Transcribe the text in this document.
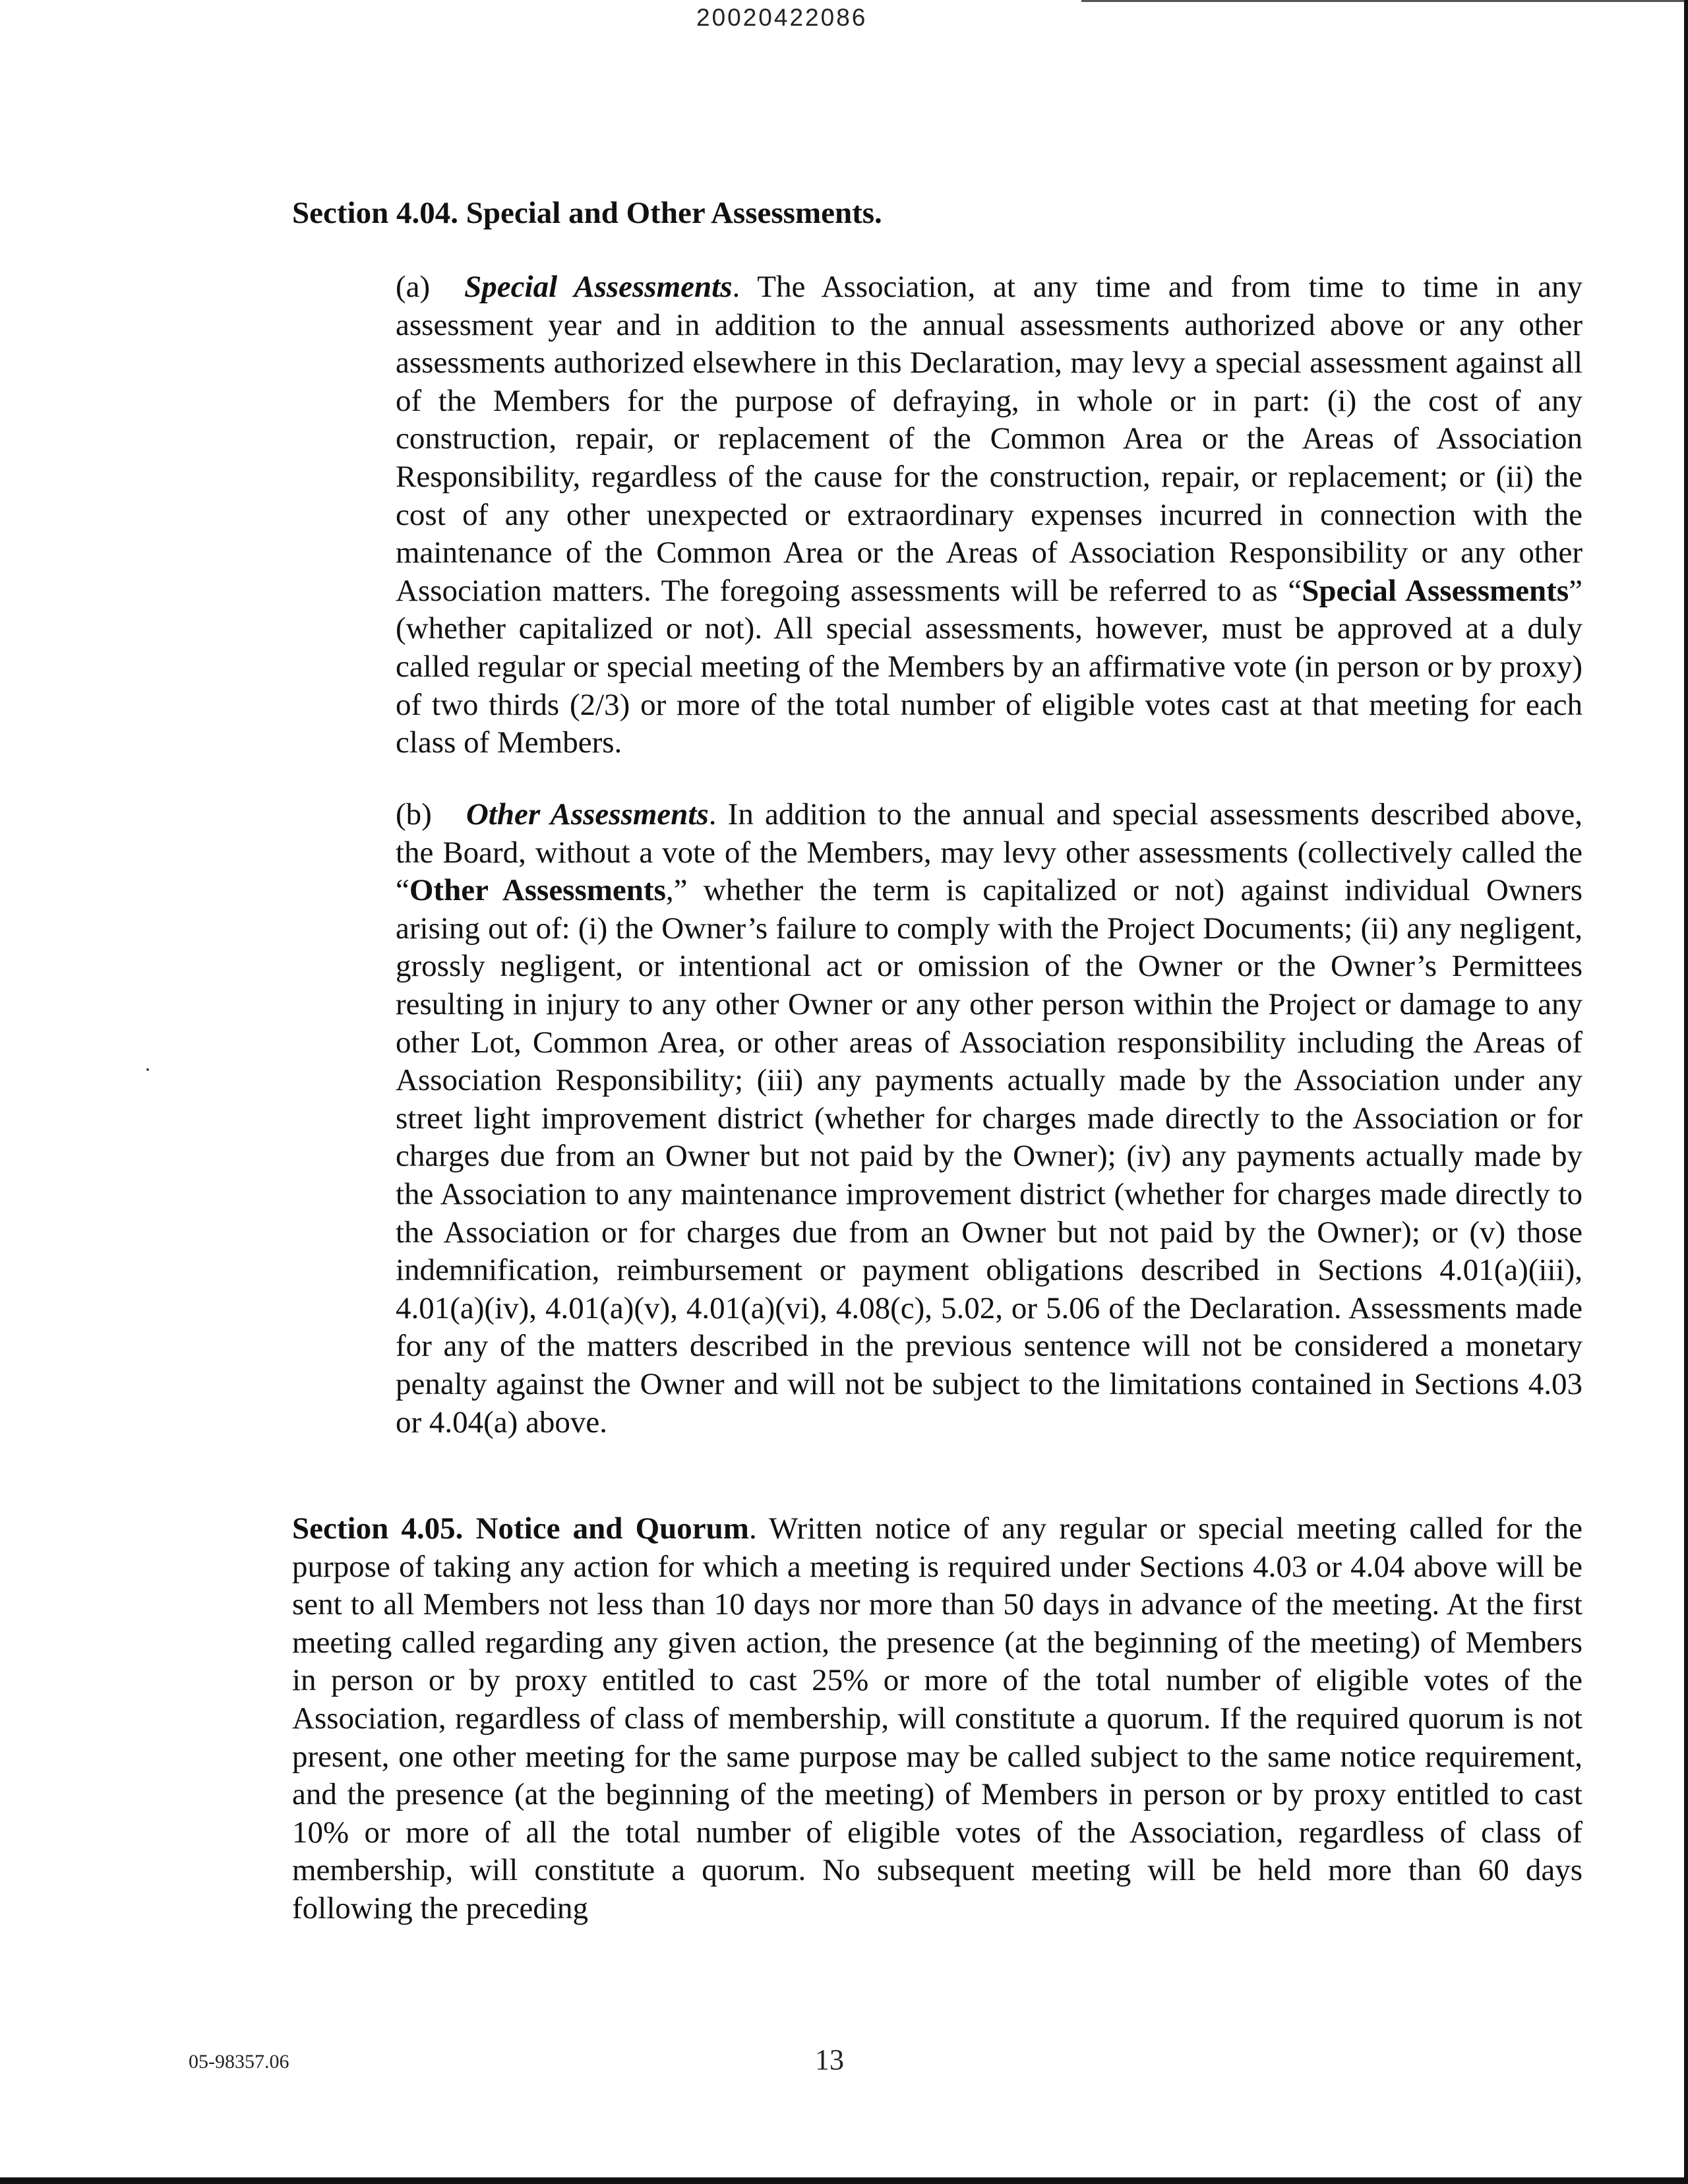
20020422086
Section 4.04. Special and Other Assessments.

(a) Special Assessments. The Association, at any time and from time to time in any assessment year and in addition to the annual assessments authorized above or any other assessments authorized elsewhere in this Declaration, may levy a special assessment against all of the Members for the purpose of defraying, in whole or in part: (i) the cost of any construction, repair, or replacement of the Common Area or the Areas of Association Responsibility, regardless of the cause for the construction, repair, or replacement; or (ii) the cost of any other unexpected or extraordinary expenses incurred in connection with the maintenance of the Common Area or the Areas of Association Responsibility or any other Association matters. The foregoing assessments will be referred to as “Special Assessments” (whether capitalized or not). All special assessments, however, must be approved at a duly called regular or special meeting of the Members by an affirmative vote (in person or by proxy) of two thirds (2/3) or more of the total number of eligible votes cast at that meeting for each class of Members.

(b) Other Assessments. In addition to the annual and special assessments described above, the Board, without a vote of the Members, may levy other assessments (collectively called the “Other Assessments,” whether the term is capitalized or not) against individual Owners arising out of: (i) the Owner’s failure to comply with the Project Documents; (ii) any negligent, grossly negligent, or intentional act or omission of the Owner or the Owner’s Permittees resulting in injury to any other Owner or any other person within the Project or damage to any other Lot, Common Area, or other areas of Association responsibility including the Areas of Association Responsibility; (iii) any payments actually made by the Association under any street light improvement district (whether for charges made directly to the Association or for charges due from an Owner but not paid by the Owner); (iv) any payments actually made by the Association to any maintenance improvement district (whether for charges made directly to the Association or for charges due from an Owner but not paid by the Owner); or (v) those indemnification, reimbursement or payment obligations described in Sections 4.01(a)(iii), 4.01(a)(iv), 4.01(a)(v), 4.01(a)(vi), 4.08(c), 5.02, or 5.06 of the Declaration. Assessments made for any of the matters described in the previous sentence will not be considered a monetary penalty against the Owner and will not be subject to the limitations contained in Sections 4.03 or 4.04(a) above.

Section 4.05. Notice and Quorum. Written notice of any regular or special meeting called for the purpose of taking any action for which a meeting is required under Sections 4.03 or 4.04 above will be sent to all Members not less than 10 days nor more than 50 days in advance of the meeting. At the first meeting called regarding any given action, the presence (at the beginning of the meeting) of Members in person or by proxy entitled to cast 25% or more of the total number of eligible votes of the Association, regardless of class of membership, will constitute a quorum. If the required quorum is not present, one other meeting for the same purpose may be called subject to the same notice requirement, and the presence (at the beginning of the meeting) of Members in person or by proxy entitled to cast 10% or more of all the total number of eligible votes of the Association, regardless of class of membership, will constitute a quorum. No subsequent meeting will be held more than 60 days following the preceding

05-98357.06	13
